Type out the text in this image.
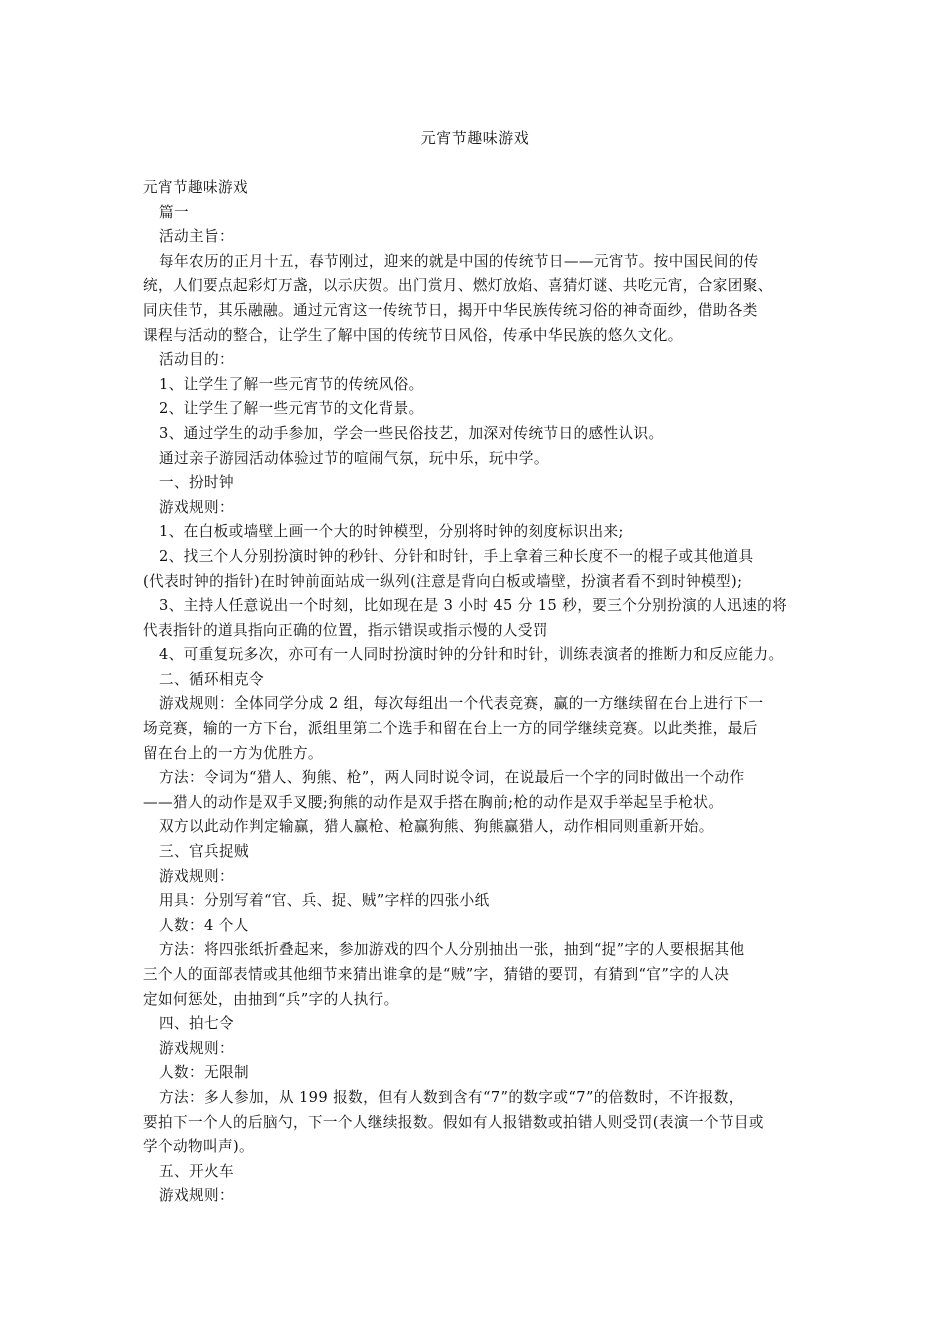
元宵节趣味游戏
元宵节趣味游戏
篇一
活动主旨：
每年农历的正月十五，春节刚过，迎来的就是中国的传统节日——元宵节。按中国民间的传
统，人们要点起彩灯万盏，以示庆贺。出门赏月、燃灯放焰、喜猜灯谜、共吃元宵，合家团聚、
同庆佳节，其乐融融。通过元宵这一传统节日，揭开中华民族传统习俗的神奇面纱，借助各类
课程与活动的整合，让学生了解中国的传统节日风俗，传承中华民族的悠久文化。
活动目的：
1、让学生了解一些元宵节的传统风俗。
2、让学生了解一些元宵节的文化背景。
3、通过学生的动手参加，学会一些民俗技艺，加深对传统节日的感性认识。
通过亲子游园活动体验过节的喧闹气氛，玩中乐，玩中学。
一、扮时钟
游戏规则：
1、在白板或墙壁上画一个大的时钟模型，分别将时钟的刻度标识出来;
2、找三个人分别扮演时钟的秒针、分针和时针，手上拿着三种长度不一的棍子或其他道具
(代表时钟的指针)在时钟前面站成一纵列(注意是背向白板或墙壁，扮演者看不到时钟模型);
3、主持人任意说出一个时刻，比如现在是 3 小时 45 分 15 秒，要三个分别扮演的人迅速的将
代表指针的道具指向正确的位置，指示错误或指示慢的人受罚
4、可重复玩多次，亦可有一人同时扮演时钟的分针和时针，训练表演者的推断力和反应能力。
二、循环相克令
游戏规则：全体同学分成 2 组，每次每组出一个代表竞赛，赢的一方继续留在台上进行下一
场竞赛，输的一方下台，派组里第二个选手和留在台上一方的同学继续竞赛。以此类推，最后
留在台上的一方为优胜方。
方法：令词为“猎人、狗熊、枪”，两人同时说令词，在说最后一个字的同时做出一个动作
——猎人的动作是双手叉腰;狗熊的动作是双手搭在胸前;枪的动作是双手举起呈手枪状。
双方以此动作判定输赢，猎人赢枪、枪赢狗熊、狗熊赢猎人，动作相同则重新开始。
三、官兵捉贼
游戏规则：
用具：分别写着“官、兵、捉、贼”字样的四张小纸
人数：4 个人
方法：将四张纸折叠起来，参加游戏的四个人分别抽出一张，抽到“捉”字的人要根据其他
三个人的面部表情或其他细节来猜出谁拿的是“贼”字，猜错的要罚，有猜到“官”字的人决
定如何惩处，由抽到“兵”字的人执行。
四、拍七令
游戏规则：
人数：无限制
方法：多人参加，从 199 报数，但有人数到含有“7”的数字或“7”的倍数时，不许报数，
要拍下一个人的后脑勺，下一个人继续报数。假如有人报错数或拍错人则受罚(表演一个节目或
学个动物叫声)。
五、开火车
游戏规则：
